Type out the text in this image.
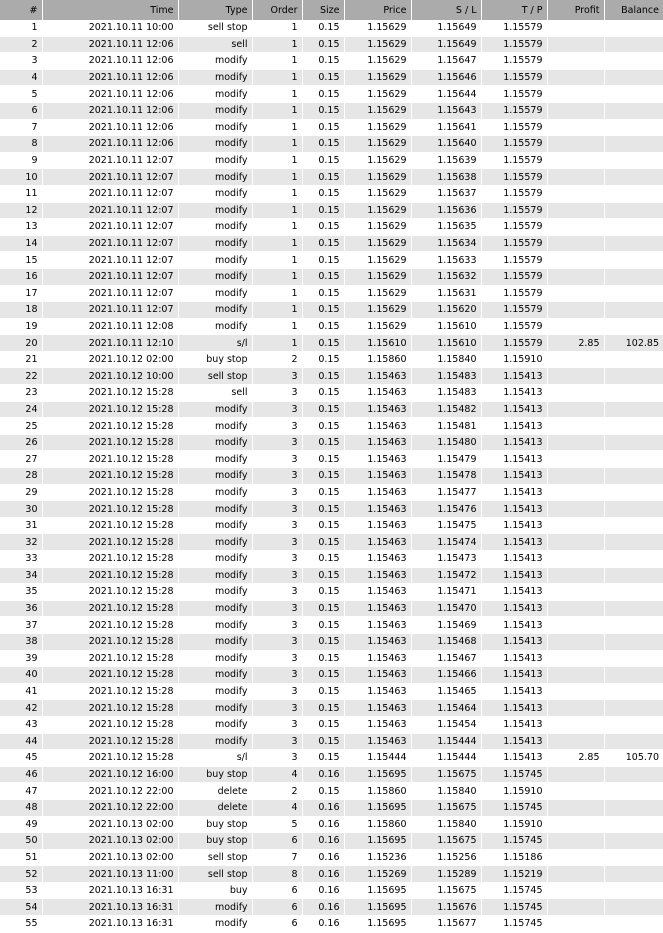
#	Time	Type	Order	Size	Price	S / L	T / P	Profit	Balance
1	2021.10.11 10:00	sell stop	1	0.15	1.15629	1.15649	1.15579		
2	2021.10.11 12:06	sell	1	0.15	1.15629	1.15649	1.15579		
3	2021.10.11 12:06	modify	1	0.15	1.15629	1.15647	1.15579		
4	2021.10.11 12:06	modify	1	0.15	1.15629	1.15646	1.15579		
5	2021.10.11 12:06	modify	1	0.15	1.15629	1.15644	1.15579		
6	2021.10.11 12:06	modify	1	0.15	1.15629	1.15643	1.15579		
7	2021.10.11 12:06	modify	1	0.15	1.15629	1.15641	1.15579		
8	2021.10.11 12:06	modify	1	0.15	1.15629	1.15640	1.15579		
9	2021.10.11 12:07	modify	1	0.15	1.15629	1.15639	1.15579		
10	2021.10.11 12:07	modify	1	0.15	1.15629	1.15638	1.15579		
11	2021.10.11 12:07	modify	1	0.15	1.15629	1.15637	1.15579		
12	2021.10.11 12:07	modify	1	0.15	1.15629	1.15636	1.15579		
13	2021.10.11 12:07	modify	1	0.15	1.15629	1.15635	1.15579		
14	2021.10.11 12:07	modify	1	0.15	1.15629	1.15634	1.15579		
15	2021.10.11 12:07	modify	1	0.15	1.15629	1.15633	1.15579		
16	2021.10.11 12:07	modify	1	0.15	1.15629	1.15632	1.15579		
17	2021.10.11 12:07	modify	1	0.15	1.15629	1.15631	1.15579		
18	2021.10.11 12:07	modify	1	0.15	1.15629	1.15620	1.15579		
19	2021.10.11 12:08	modify	1	0.15	1.15629	1.15610	1.15579		
20	2021.10.11 12:10	s/l	1	0.15	1.15610	1.15610	1.15579	2.85	102.85
21	2021.10.12 02:00	buy stop	2	0.15	1.15860	1.15840	1.15910		
22	2021.10.12 10:00	sell stop	3	0.15	1.15463	1.15483	1.15413		
23	2021.10.12 15:28	sell	3	0.15	1.15463	1.15483	1.15413		
24	2021.10.12 15:28	modify	3	0.15	1.15463	1.15482	1.15413		
25	2021.10.12 15:28	modify	3	0.15	1.15463	1.15481	1.15413		
26	2021.10.12 15:28	modify	3	0.15	1.15463	1.15480	1.15413		
27	2021.10.12 15:28	modify	3	0.15	1.15463	1.15479	1.15413		
28	2021.10.12 15:28	modify	3	0.15	1.15463	1.15478	1.15413		
29	2021.10.12 15:28	modify	3	0.15	1.15463	1.15477	1.15413		
30	2021.10.12 15:28	modify	3	0.15	1.15463	1.15476	1.15413		
31	2021.10.12 15:28	modify	3	0.15	1.15463	1.15475	1.15413		
32	2021.10.12 15:28	modify	3	0.15	1.15463	1.15474	1.15413		
33	2021.10.12 15:28	modify	3	0.15	1.15463	1.15473	1.15413		
34	2021.10.12 15:28	modify	3	0.15	1.15463	1.15472	1.15413		
35	2021.10.12 15:28	modify	3	0.15	1.15463	1.15471	1.15413		
36	2021.10.12 15:28	modify	3	0.15	1.15463	1.15470	1.15413		
37	2021.10.12 15:28	modify	3	0.15	1.15463	1.15469	1.15413		
38	2021.10.12 15:28	modify	3	0.15	1.15463	1.15468	1.15413		
39	2021.10.12 15:28	modify	3	0.15	1.15463	1.15467	1.15413		
40	2021.10.12 15:28	modify	3	0.15	1.15463	1.15466	1.15413		
41	2021.10.12 15:28	modify	3	0.15	1.15463	1.15465	1.15413		
42	2021.10.12 15:28	modify	3	0.15	1.15463	1.15464	1.15413		
43	2021.10.12 15:28	modify	3	0.15	1.15463	1.15454	1.15413		
44	2021.10.12 15:28	modify	3	0.15	1.15463	1.15444	1.15413		
45	2021.10.12 15:28	s/l	3	0.15	1.15444	1.15444	1.15413	2.85	105.70
46	2021.10.12 16:00	buy stop	4	0.16	1.15695	1.15675	1.15745		
47	2021.10.12 22:00	delete	2	0.15	1.15860	1.15840	1.15910		
48	2021.10.12 22:00	delete	4	0.16	1.15695	1.15675	1.15745		
49	2021.10.13 02:00	buy stop	5	0.16	1.15860	1.15840	1.15910		
50	2021.10.13 02:00	buy stop	6	0.16	1.15695	1.15675	1.15745		
51	2021.10.13 02:00	sell stop	7	0.16	1.15236	1.15256	1.15186		
52	2021.10.13 11:00	sell stop	8	0.16	1.15269	1.15289	1.15219		
53	2021.10.13 16:31	buy	6	0.16	1.15695	1.15675	1.15745		
54	2021.10.13 16:31	modify	6	0.16	1.15695	1.15676	1.15745		
55	2021.10.13 16:31	modify	6	0.16	1.15695	1.15677	1.15745		
